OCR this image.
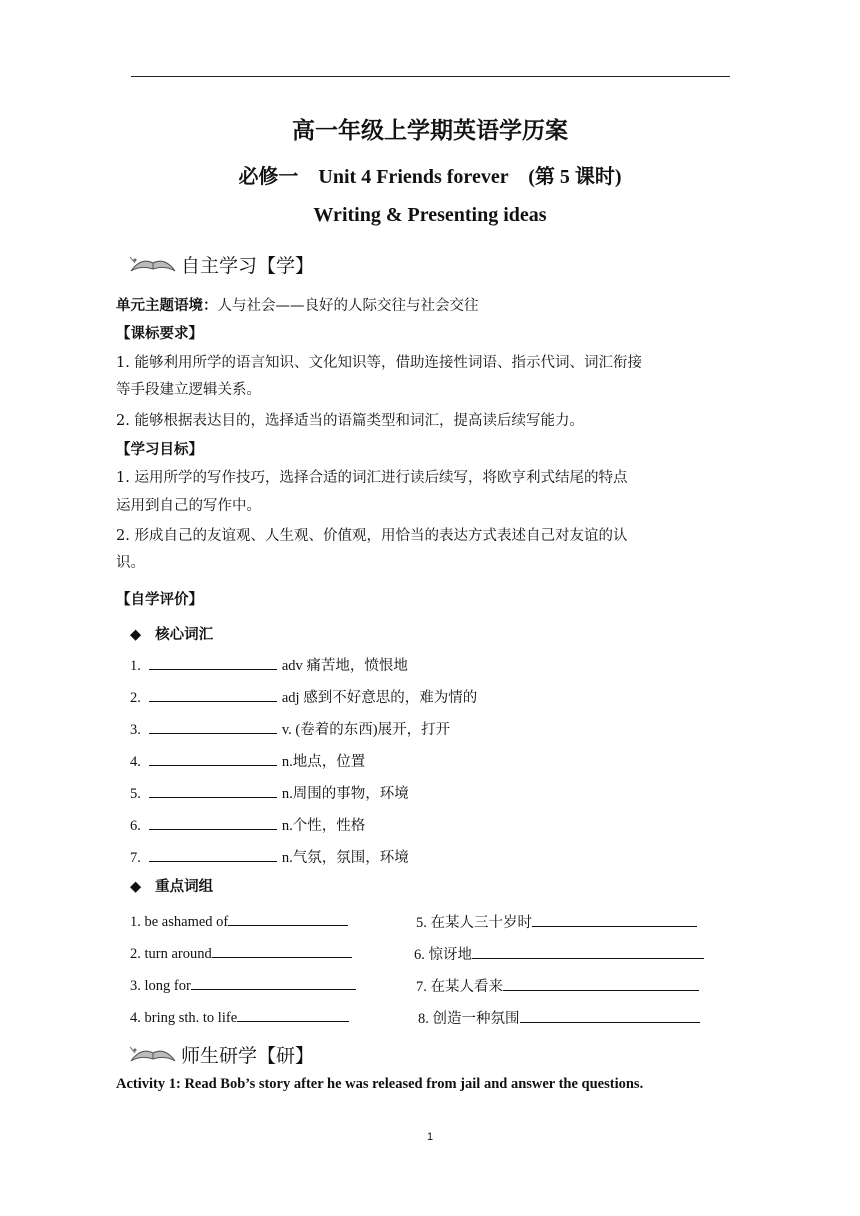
高一年级上学期英语学历案
必修一　Unit 4 Friends forever　(第 5 课时)
Writing & Presenting ideas
自主学习【学】
单元主题语境：人与社会——良好的人际交往与社会交往
【课标要求】
1. 能够利用所学的语言知识、文化知识等，借助连接性词语、指示代词、词汇衔接
等手段建立逻辑关系。
2. 能够根据表达目的，选择适当的语篇类型和词汇，提高读后续写能力。
【学习目标】
1. 运用所学的写作技巧，选择合适的词汇进行读后续写，将欧亨利式结尾的特点
运用到自己的写作中。
2. 形成自己的友谊观、人生观、价值观，用恰当的表达方式表述自己对友谊的认
识。
【自学评价】
◆ 核心词汇
1.	adv 痛苦地，愤恨地
2.	adj 感到不好意思的，难为情的
3.	v. (卷着的东西)展开，打开
4.	n.地点，位置
5.	n.周围的事物，环境
6.	n.个性，性格
7.	n.气氛，氛围，环境
◆ 重点词组
1. be ashamed of
2. turn around
3. long for
4. bring sth. to life
5. 在某人三十岁时
6. 惊讶地
7. 在某人看来
8. 创造一种氛围
师生研学【研】
Activity 1: Read Bob’s story after he was released from jail and answer the questions.
1
